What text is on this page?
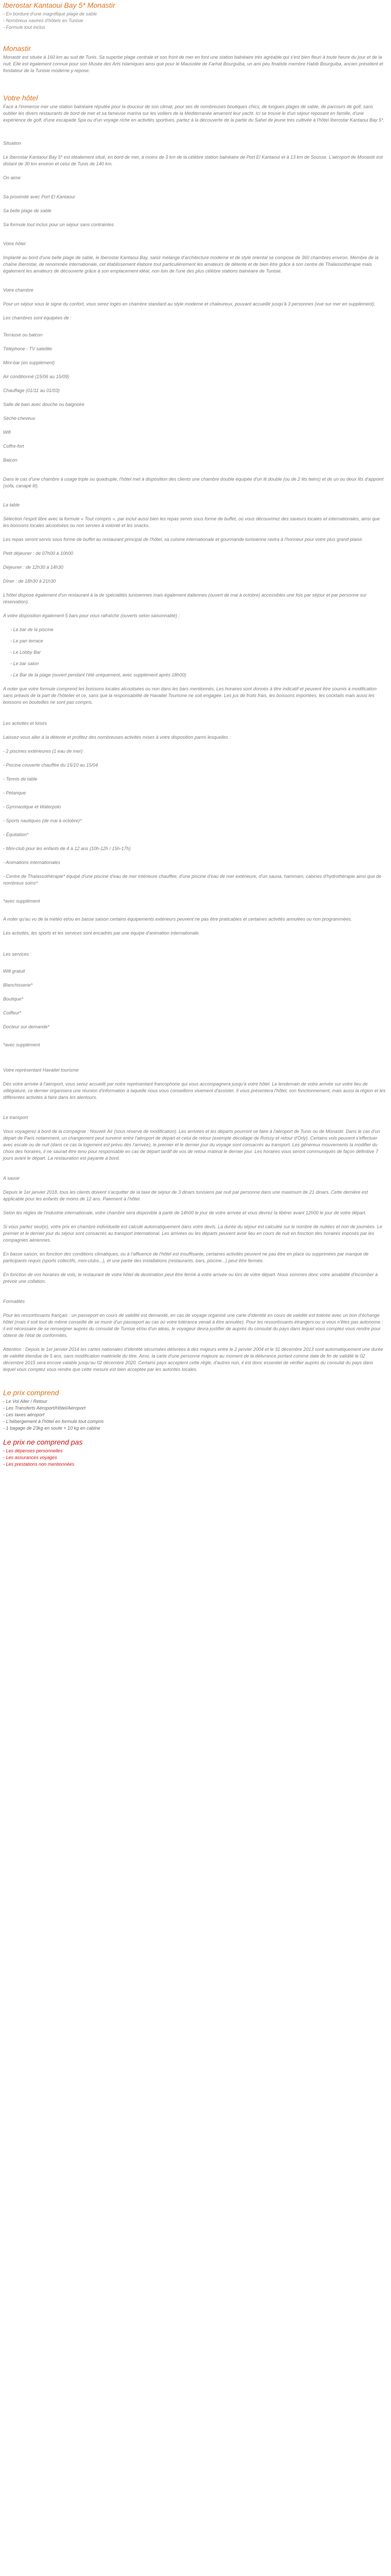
Iberostar Kantaoui Bay 5* Monastir
- En bordure d'une magnifique plage de sable
- Nombreux navires d'hôtels en Tunisie
- Formule tout inclus
Monastir

Monastir est située à 160 km au sud de Tunis. Sa superbe plage centrale et son front de mer en font une station balnéaire très agréable qui s'est bien fleuri à toute heure du jour et de la nuit. Elle est également connue pour son Musée des Arts Islamiques ainsi que pour le Mausolée de Farhat Bourguiba, un ami peu finaliste membre Habib Bourguiba, ancien président et fondateur de la Tunisie moderne y repose.

Votre hôtel

Face à l'immense mer une station balnéaire réputée pour la douceur de son climat, pour ses de nombreuses boutiques chics, de longues plages de sable, de parcours de golf, sans oublier les divers restaurants de bord de mer et sa fameuse marina sur les voiliers de la Méditerranée amarrent leur yacht. Ici se trouve le d'un séjour reposant en famille, d'une expérience de golf, d'une escapade Spa ou d'un voyage riche en activités sportives, partez à la découverte de la partie du Sahel de jeune très cultivée à l'hôtel Iberostar Kantaoui Bay 5*.

Situation

Le Iberostar Kantaoui Bay 5* est idéalement situé, en bord de mer, à moins de 3 km de la célèbre station balnéaire de Port El Kantaoui et à 13 km de Sousse. L'aéroport de Monastir est distant de 30 km environ et celui de Tunis de 140 km.

On aime

Sa proximité avec Port El Kantaoui

Sa belle plage de sable

Sa formule tout inclus pour un séjour sans contraintes

Votre hôtel

Implanté au bord d'une belle plage de sable, le Iberostar Kantaoui Bay, saisir mélange d'architecture moderne et de style oriental se compose de 360 chambres environ. Membre de la chaîne Iberostar, de renommée internationale, cet établissement élabore tout particulièrement les amateurs de détente et de bien être grâce à son centre de Thalassothérapie mais également les amateurs de découverte grâce à son emplacement idéal, non loin de l'une des plus célèbre stations balnéaire de Tunisie.

Votre chambre

Pour un séjour sous le signe du confort, vous serez logés en chambre standard au style moderne et chaleureux, pouvant accueillir jusqu'à 3 personnes (vue sur mer en supplément).

Les chambres sont équipées de :

Terrasse ou balcon

Téléphone - TV satellite

Mini-bar (en supplément)

Air conditionné (15/06 au 15/09)

Chauffage (01/11 au 01/03)

Salle de bain avec douche ou baignoire

Sèche-cheveux

Wifi

Coffre-fort

Balcon

Dans le cas d'une chambre à usage triple ou quadruple, l'hôtel met à disposition des clients une chambre double équipée d'un lit double (ou de 2 lits twins) et de un ou deux lits d'appoint (sofa, canapé lit).

La table

Sélection l'esprit libre avec la formule « Tout compris », par inclut aussi bien les repas servis sous forme de buffet, où vous découvrirez des saveurs locales et internationales, ainsi que les boissons locales alcoolisées ou non servies à volonté et les snacks.

Les repas seront servis sous forme de buffet au restaurant principal de l'hôtel, sa cuisine internationale et gourmande tunisienne ravira à l'honneur pour votre plus grand plaisir.

Petit déjeuner : de 07h00 à 10h00

Déjeuner : de 12h30 à 14h30

Dîner : de 18h30 à 21h30

L'hôtel dispose également d'un restaurant à la de spécialités tunisiennes mais également italiennes (ouvert de mai à octobre) accessibles une fois par séjour et par personne sur réservation).

A votre disposition également 5 bars pour vous rafraîchir (ouverts selon saisonnalité) :

- Le bar de la piscine
- Le pan terrace
- Le Lobby Bar
- Le bar salon
- Le Bar de la plage (ouvert pendant l'été uniquement, avec supplément après 18h00)

A noter que votre formule comprend les boissons locales alcoolisées ou non dans les bars mentionnés. Les horaires sont donnés à titre indicatif et peuvent être soumis à modification sans préavis de la part de l'hôtelier et ce, sans que la responsabilité de Havaitel Tourisme ne soit engagée. Les jus de fruits frais, les boissons importées, les cocktails mais aussi les boissons en bouteilles ne sont pas compris.

Les activités et loisirs

Laissez-vous aller à la détente et profitez des nombreuses activités mises à votre disposition parmi lesquelles :

- 2 piscines extérieures (1 eau de mer)

- Piscine couverte chauffée du 15/10 au 15/04

- Tennis de table

- Pétanque

- Gymnastique et Waterpolo

- Sports nautiques (de mai à octobre)*

- Équitation*

- Mini-club pour les enfants de 4 à 12 ans (10h-12h / 15h-17h)

- Animations internationales

- Centre de Thalassothérapie* équipé d'une piscine d'eau de mer intérieure chauffée, d'une piscine d'eau de mer extérieure, d'un sauna, hammam, cabines d'hydrothérapie ainsi que de nombreux soins*

*avec supplément

A noter qu'au vu de la météo et/ou en basse saison certains équipements extérieurs peuvent ne pas être praticables et certaines activités annulées ou non programmées.

Les activités, les sports et les services sont encadrés par une équipe d'animation internationale.

Les services :

Wifi gratuit

Blanchisserie*

Boutique*

Coiffeur*

Docteur sur demande*

*avec supplément

Votre représentant Havaitel tourisme

Dès votre arrivée à l'aéroport, vous serez accueilli par notre représentant francophone qui vous accompagnera jusqu'à votre hôtel. Le lendemain de votre arrivée sur votre lieu de villégiature, ce dernier organisera une réunion d'information à laquelle nous vous conseillons vivement d'assister. Il vous présentera l'hôtel, son fonctionnement, mais aussi la région et les différentes activités à faire dans les alentours.

Le transport

Vous voyagerez à bord de la compagnie : Nouvelr Air (sous réserve de modification). Les arrivées et les départs pourront se faire à l'aéroport de Tunis ou de Monastir. Dans le cas d'un départ de Paris notamment, un changement peut survenir entre l'aéroport de départ et celui de retour (exemple décollage de Roissy et retour d'Orly). Certains vols peuvent s'effectuer avec escale ou de nuit (dans ce cas la logement est prévu dès l'arrivée), le premier et le dernier jour du voyage sont consacrés au transport. Les généreux mouvements la modifier du choix des horaires, il ne saurait être tenu pour responsable en cas de départ tardif de vos de retour matinal le dernier jour. Les horaires vous seront communiqués de façon définitive 7 jours avant le départ. La restauration est payante à bord.

A savoir

Depuis le 1er janvier 2018, tous les clients doivent s'acquitter de la taxe de séjour de 3 dinars tunisiens par nuit par personne dans une maximum de 21 dinars. Cette dernière est applicable pour les enfants de moins de 12 ans. Paiement à l'hôtel.

Selon les règles de l'industrie internationale, votre chambre sera disponible à partir de 14h00 le jour de votre arrivée et vous devrez la libérer avant 12h00 le jour de votre départ.

Si vous partez seul(e), votre prix en chambre individuelle est calculé automatiquement dans votre devis. La durée du séjour est calculée sur le nombre de nuitées et non de journées. Le premier et le dernier jour du séjour sont consacrés au transport international. Les arrivées ou les départs peuvent avoir lieu en cours de nuit en fonction des horaires imposés par les compagnies aériennes.

En basse saison, en fonction des conditions climatiques, ou à l'affluence de l'hôtel est insuffisante, certaines activités peuvent ne pas être en place ou supprimées par manque de participants requis (sports collectifs, mini-clubs...), et une partie des installations (restaurants, bars, piscine...) peut être fermée.

En fonction de vos horaires de vols, le restaurant de votre hôtel de destination peut être fermé à votre arrivée ou lors de votre départ. Nous sommes donc votre amabilité d'incomber à prévoir une collation.

Formalités

Pour les ressortissants français : un passeport en cours de validité est demandé, en cas de voyage organisé une carte d'identité en cours de validité est tolérée avec un bon d'échange hôtel (mais il soit tout de même conseillé de se munir d'un passeport au cas où votre tolérance venait à être annulée). Pour les ressortissants étrangers ou si vous n'êtes pas autonome : il est nécessaire de se renseigner auprès du consulat de Tunisie et/ou d'un aléas, le voyageur devra justifier de auprès du consulat du pays dans lequel vous comptez vous rendre pour obtenir de l'état de conformités.

Attention : Depuis le 1er janvier 2014 les cartes nationales d'identité sécurisées délivrées à des majeurs entre le 2 janvier 2004 et le 31 décembre 2013 sont automatiquement une durée de validité étendue de 5 ans, sans modification matérielle du titre. Ainsi, la carte d'une personne majeure au moment de la délivrance portant comme date de fin de validité le 02 décembre 2015 sera encore valable jusqu'au 02 décembre 2020. Certains pays acceptent cette règle, d'autres non, il est donc essentiel de vérifier auprès du consulat du pays dans lequel vous comptez vous rendre que cette mesure est bien acceptée par les autorités locales.

Le prix comprend
- Le Vol Aller / Retour
- Les Transferts Aéroport/Hôtel/Aéroport
- Les taxes aéroport
- L'hébergement à l'hôtel en formule tout compris
- 1 bagage de 23kg en soute + 10 kg en cabine
Le prix ne comprend pas
- Les dépenses personnelles
- Les assurances voyages
- Les prestations non mentionnées
